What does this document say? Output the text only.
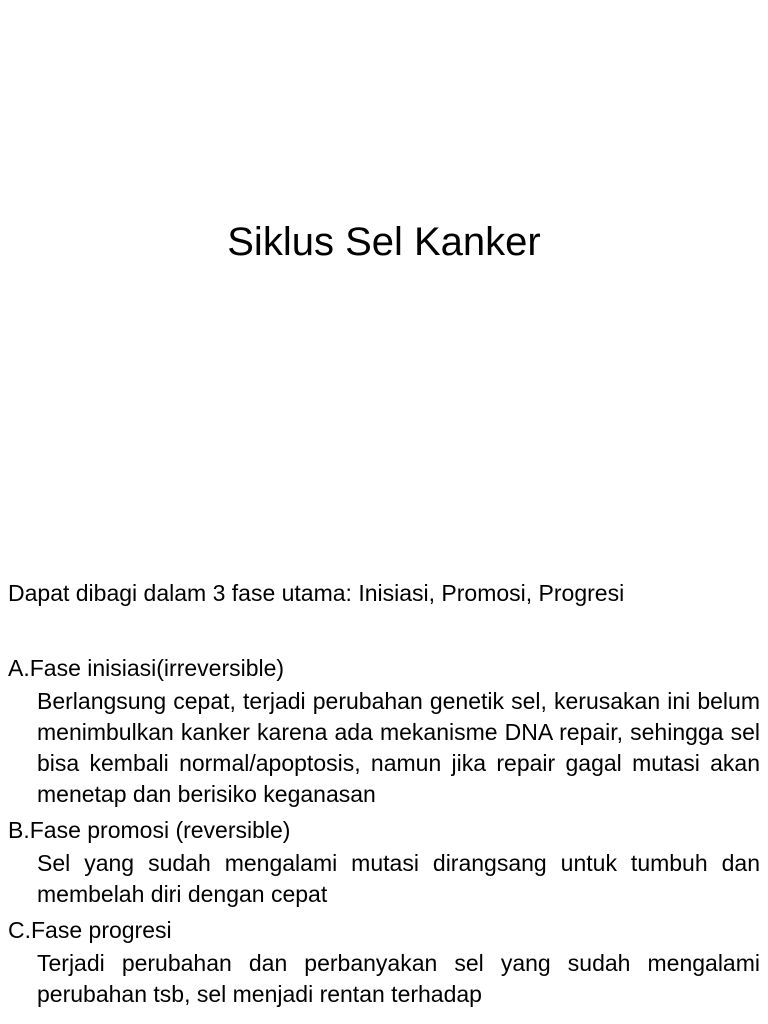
Siklus Sel Kanker

Dapat dibagi dalam 3 fase utama: Inisiasi, Promosi, Progresi

A.Fase inisiasi(irreversible)

Berlangsung cepat, terjadi perubahan genetik sel, kerusakan ini belum menimbulkan kanker karena ada mekanisme DNA repair, sehingga sel bisa kembali normal/apoptosis, namun jika repair gagal mutasi akan menetap dan berisiko keganasan

B.Fase promosi (reversible)

Sel yang sudah mengalami mutasi dirangsang untuk tumbuh dan membelah diri dengan cepat

C.Fase progresi

Terjadi perubahan dan perbanyakan sel yang sudah mengalami perubahan tsb, sel menjadi rentan terhadap
